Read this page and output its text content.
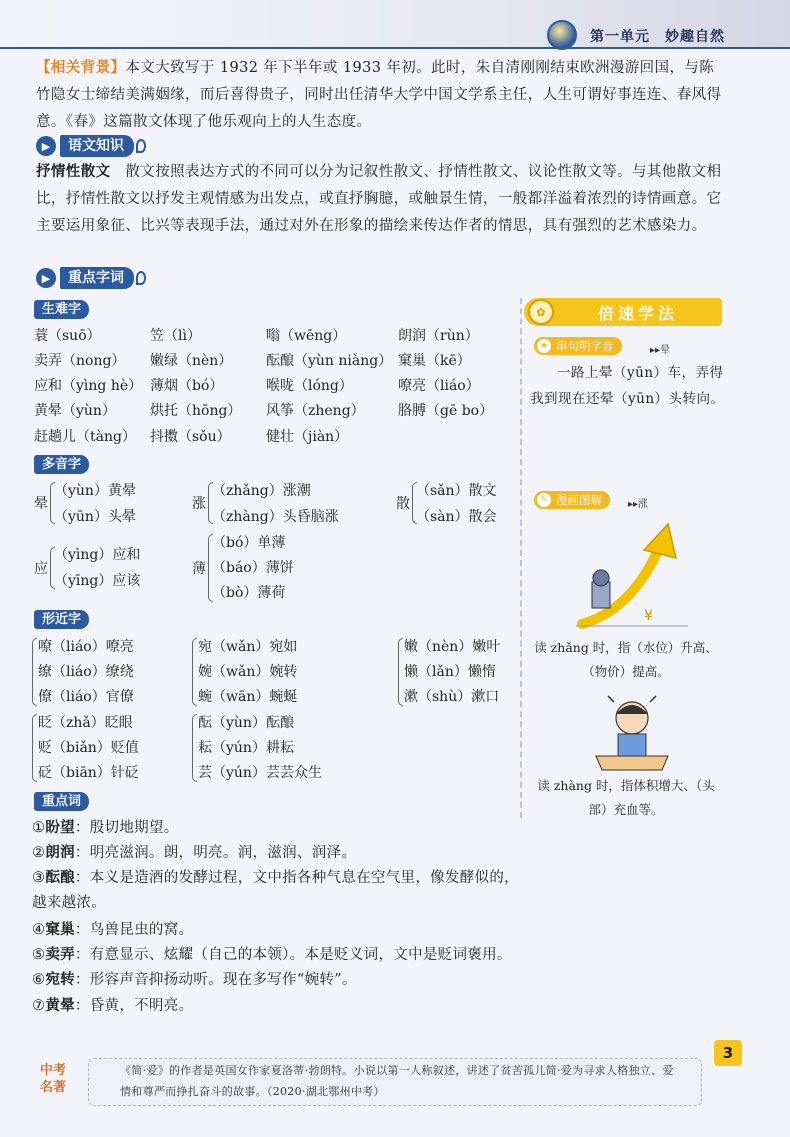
第一单元　妙趣自然
【相关背景】本文大致写于 1932 年下半年或 1933 年初。此时，朱自清刚刚结束欧洲漫游回国，与陈竹隐女士缔结美满姻缘，而后喜得贵子，同时出任清华大学中国文学系主任，人生可谓好事连连、春风得意。《春》这篇散文体现了他乐观向上的人生态度。
▶	语文知识
抒情性散文　散文按照表达方式的不同可以分为记叙性散文、抒情性散文、议论性散文等。与其他散文相比，抒情性散文以抒发主观情感为出发点，或直抒胸臆，或触景生情，一般都洋溢着浓烈的诗情画意。它主要运用象征、比兴等表现手法，通过对外在形象的描绘来传达作者的情思，具有强烈的艺术感染力。
▶	重点字词
生难字
蓑（suō）	笠（lì）	嗡（wēng）	朗润（rùn）
卖弄（nong） 嫩绿（nèn） 酝酿（yùn niàng） 窠巢（kē）
应和（yìng hè） 薄烟（bó）	喉咙（lóng）	嘹亮（liáo）
黄晕（yùn） 烘托（hōng） 风筝（zheng） 胳膊（gē bo）
赶趟儿（tàng） 抖擞（sǒu）	健壮（jiàn）
多音字
晕
（yùn）黄晕
（yūn）头晕
涨
（zhǎng）涨潮
（zhàng）头昏脑涨
散
（sǎn）散文
（sàn）散会
应
（yìng）应和
（yīng）应该
薄
（bó）单薄
（báo）薄饼
（bò）薄荷
形近字
嘹（liáo）嘹亮
缭（liáo）缭绕
僚（liáo）官僚
宛（wǎn）宛如
婉（wǎn）婉转
蜿（wān）蜿蜒
嫩（nèn）嫩叶
懒（lǎn）懒惰
漱（shù）漱口
眨（zhǎ）眨眼
贬（biǎn）贬值
砭（biān）针砭
酝（yùn）酝酿
耘（yún）耕耘
芸（yún）芸芸众生
重点词
①盼望：殷切地期望。
②朗润：明亮滋润。朗，明亮。润，滋润、润泽。
③酝酿：本义是造酒的发酵过程，文中指各种气息在空气里，像发酵似的，越来越浓。
④窠巢：鸟兽昆虫的窝。
⑤卖弄：有意显示、炫耀（自己的本领）。本是贬义词，文中是贬词褒用。
⑥宛转：形容声音抑扬动听。现在多写作“婉转”。
⑦黄晕：昏黄，不明亮。
✿	倍速学法
★ 串句明字音	▸▸晕
一路上晕（yūn）车，弄得我到现在还晕（yūn）头转向。
✎ 漫画图解	▸▸涨
¥
读 zhǎng 时，指（水位）升高、（物价）提高。
读 zhàng 时，指体积增大、（头部）充血等。
3
中考名著
《简·爱》的作者是英国女作家夏洛蒂·勃朗特。小说以第一人称叙述，讲述了贫苦孤儿简·爱为寻求人格独立、爱情和尊严而挣扎奋斗的故事。（2020·湖北鄂州中考）
